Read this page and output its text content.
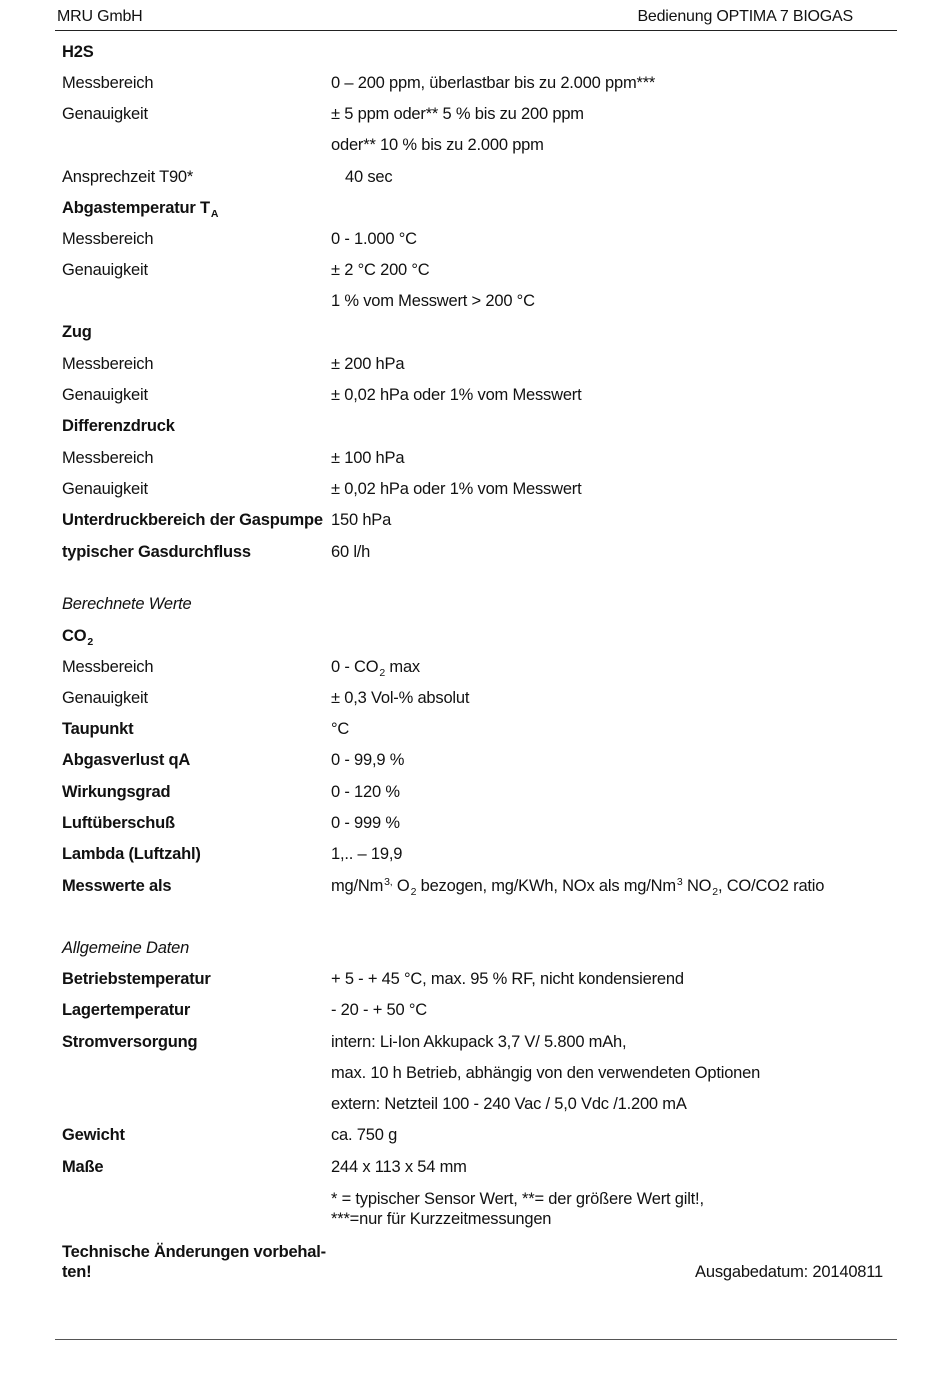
MRU GmbH	Bedienung OPTIMA 7 BIOGAS
H2S
Messbereich	0 – 200 ppm, überlastbar bis zu 2.000 ppm***
Genauigkeit	± 5 ppm oder** 5 % bis zu 200 ppm
oder** 10 % bis zu 2.000 ppm
Ansprechzeit T90*	40 sec
Abgastemperatur $T_A$
Messbereich	0 - 1.000 °C
Genauigkeit	± 2 °C 200 °C
1 % vom Messwert > 200 °C
Zug
Messbereich	± 200 hPa
Genauigkeit	± 0,02 hPa oder 1% vom Messwert
Differenzdruck
Messbereich	± 100 hPa
Genauigkeit	± 0,02 hPa oder 1% vom Messwert
Unterdruckbereich der Gaspumpe 150 hPa
typischer Gasdurchfluss	60 l/h
Berechnete Werte
$CO_2$
Messbereich	$0 - CO_2$ max
Genauigkeit	± 0,3 Vol-% absolut
Taupunkt	°C
Abgasverlust qA	0 - 99,9 %
Wirkungsgrad	0 - 120 %
Luftüberschuß	0 - 999 %
Lambda (Luftzahl)	1,.. – 19,9
Messwerte als	$mg/Nm^{3,}$ $O_2$ bezogen, mg/KWh, NOx als mg/Nm$^3$ $NO_2$, CO/CO2 ratio
Allgemeine Daten
Betriebstemperatur	+ 5 - + 45 °C, max. 95 % RF, nicht kondensierend
Lagertemperatur	- 20 - + 50 °C
Stromversorgung	intern: Li-Ion Akkupack 3,7 V/ 5.800 mAh,
max. 10 h Betrieb, abhängig von den verwendeten Optionen
extern: Netzteil 100 - 240 Vac / 5,0 Vdc /1.200 mA
Gewicht	ca. 750 g
Maße	244 x 113 x 54 mm
* = typischer Sensor Wert, **= der größere Wert gilt!,
***=nur für Kurzzeitmessungen
Technische Änderungen vorbehal-
ten!	Ausgabedatum: 20140811
